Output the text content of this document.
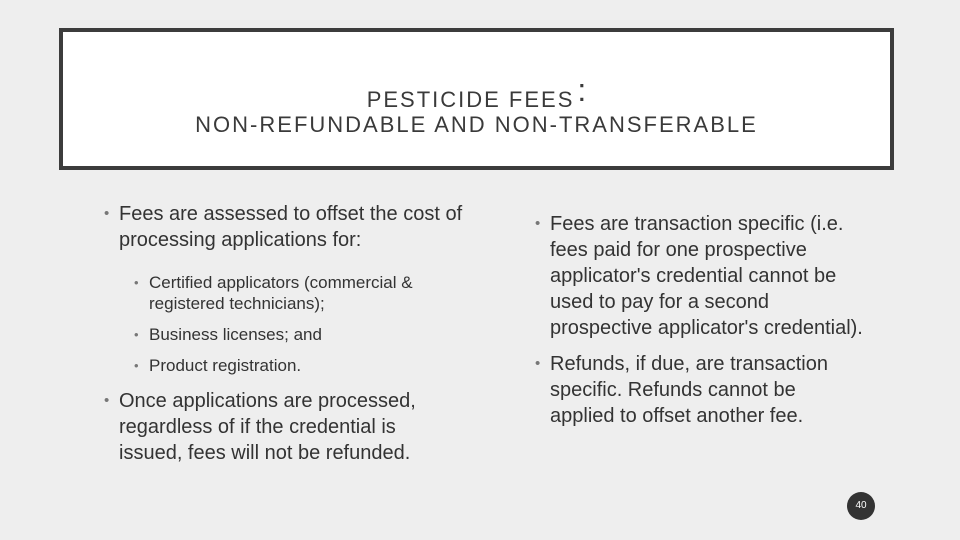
PESTICIDE FEES:
NON-REFUNDABLE AND NON-TRANSFERABLE
• Fees are assessed to offset the cost of processing applications for:
• Certified applicators (commercial & registered technicians);
• Business licenses; and
• Product registration.
• Once applications are processed, regardless of if the credential is issued, fees will not be refunded.
• Fees are transaction specific (i.e. fees paid for one prospective applicator's credential cannot be used to pay for a second prospective applicator's credential).
• Refunds, if due, are transaction specific. Refunds cannot be applied to offset another fee.
40
